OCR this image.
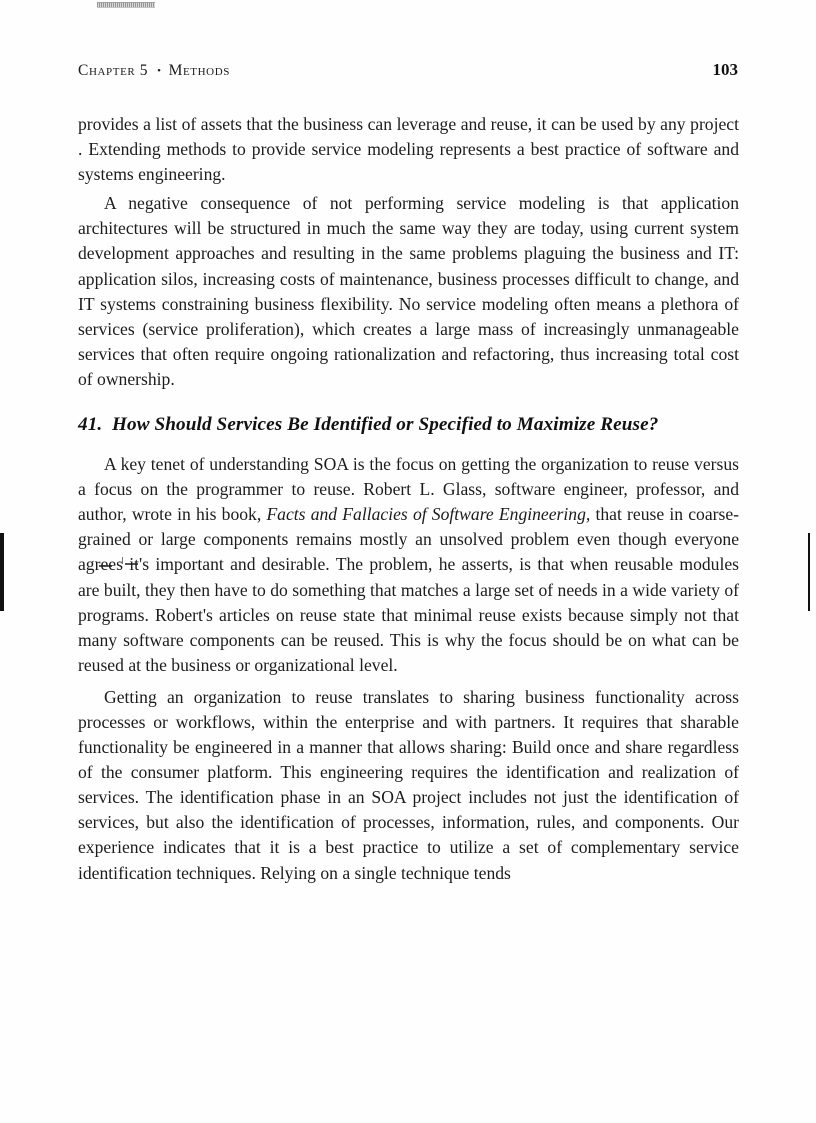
Chapter 5 • Methods	103

provides a list of assets that the business can leverage and reuse, it can be used by any project . Extending methods to provide service modeling represents a best practice of software and systems engineering.

A negative consequence of not performing service modeling is that application architectures will be structured in much the same way they are today, using current system development approaches and resulting in the same problems plaguing the business and IT: application silos, increasing costs of maintenance, business processes difficult to change, and IT systems constraining business flexibility. No service modeling often means a plethora of services (service proliferation), which creates a large mass of increasingly unmanageable services that often require ongoing rationalization and refactoring, thus increasing total cost of ownership.

41. How Should Services Be Identified or Specified to Maximize Reuse?

A key tenet of understanding SOA is the focus on getting the organization to reuse versus a focus on the programmer to reuse. Robert L. Glass, software engineer, professor, and author, wrote in his book, Facts and Fallacies of Software Engineering, that reuse in coarse-grained or large components remains mostly an unsolved problem even though everyone agrees it's important and desirable. The problem, he asserts, is that when reusable modules are built, they then have to do something that matches a large set of needs in a wide variety of programs. Robert's articles on reuse state that minimal reuse exists because simply not that many software components can be reused. This is why the focus should be on what can be reused at the business or organizational level.

Getting an organization to reuse translates to sharing business functionality across processes or workflows, within the enterprise and with partners. It requires that sharable functionality be engineered in a manner that allows sharing: Build once and share regardless of the consumer platform. This engineering requires the identification and realization of services. The identification phase in an SOA project includes not just the identification of services, but also the identification of processes, information, rules, and components. Our experience indicates that it is a best practice to utilize a set of complementary service identification techniques. Relying on a single technique tends
